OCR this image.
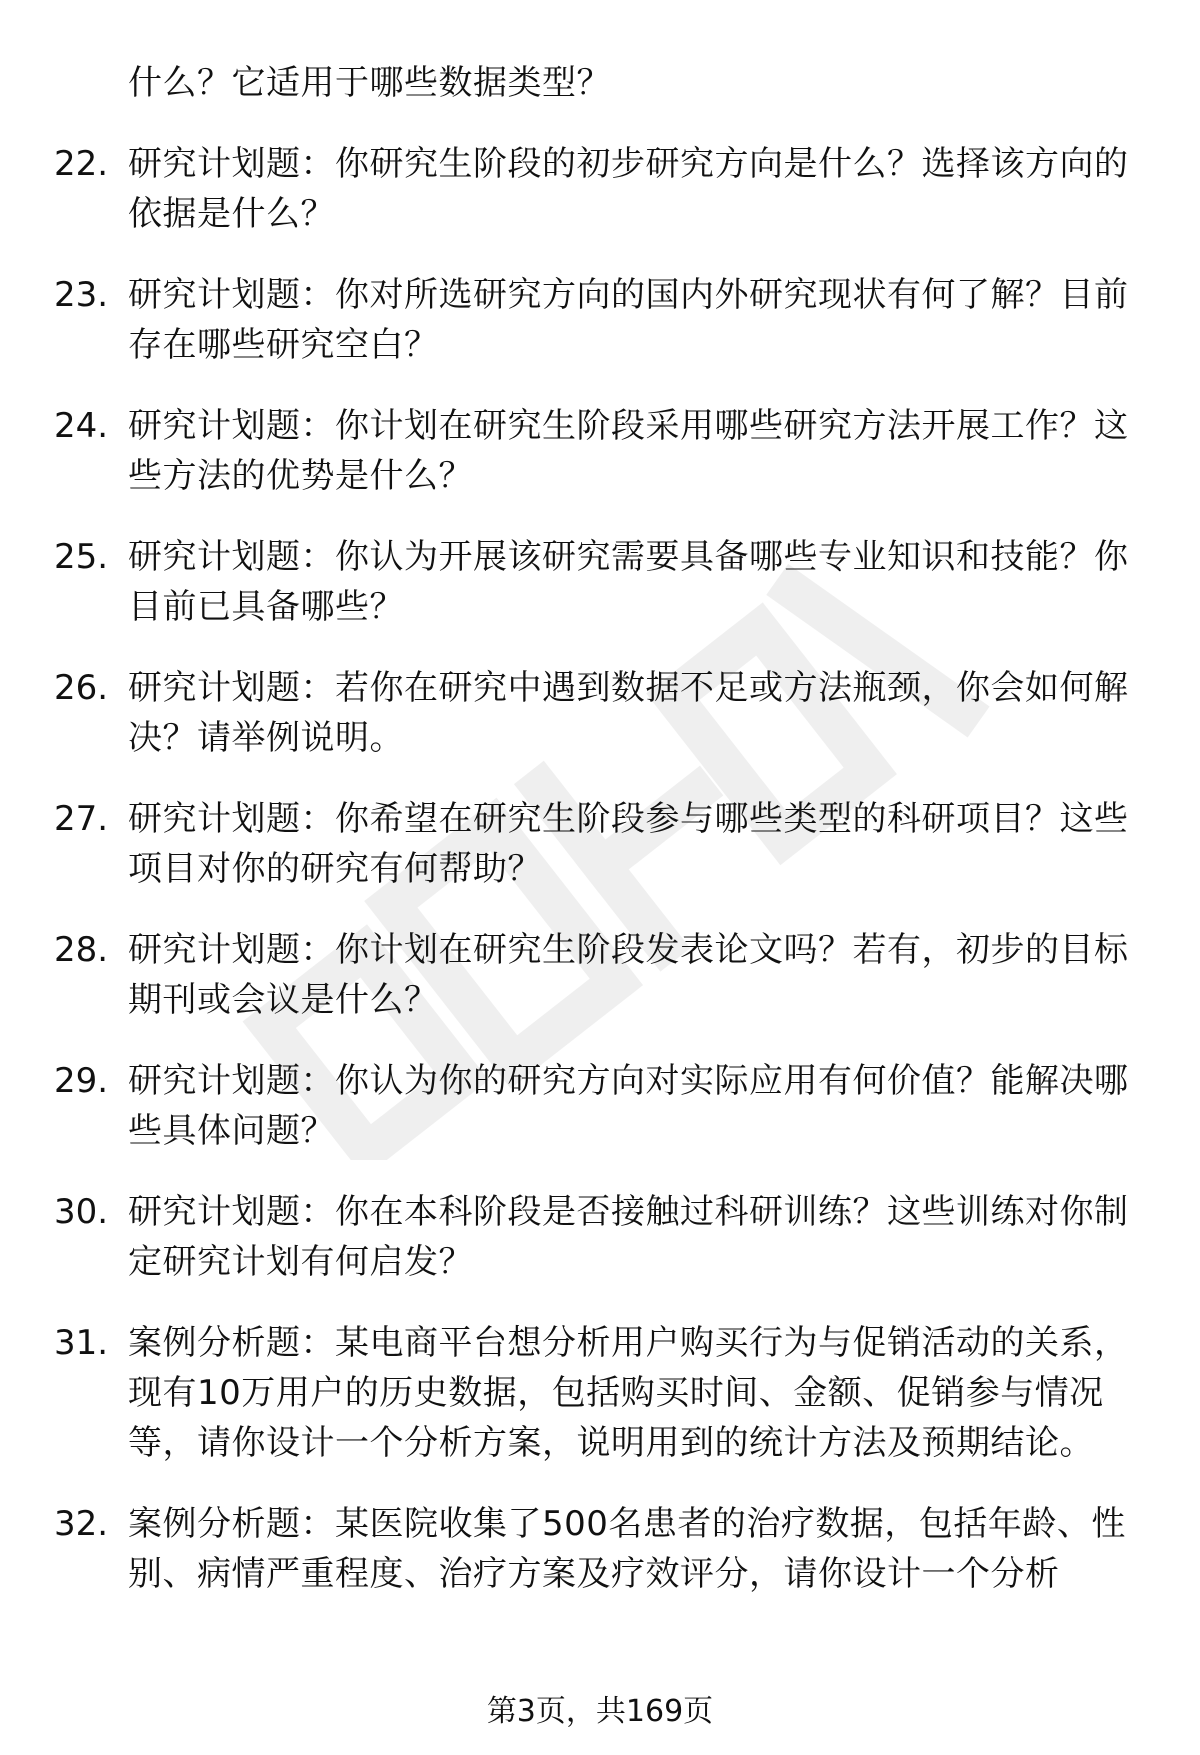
什么？它适用于哪些数据类型？
22. 研究计划题：你研究生阶段的初步研究方向是什么？选择该方向的依据是什么？
23. 研究计划题：你对所选研究方向的国内外研究现状有何了解？目前存在哪些研究空白？
24. 研究计划题：你计划在研究生阶段采用哪些研究方法开展工作？这些方法的优势是什么？
25. 研究计划题：你认为开展该研究需要具备哪些专业知识和技能？你目前已具备哪些？
26. 研究计划题：若你在研究中遇到数据不足或方法瓶颈，你会如何解决？请举例说明。
27. 研究计划题：你希望在研究生阶段参与哪些类型的科研项目？这些项目对你的研究有何帮助？
28. 研究计划题：你计划在研究生阶段发表论文吗？若有，初步的目标期刊或会议是什么？
29. 研究计划题：你认为你的研究方向对实际应用有何价值？能解决哪些具体问题？
30. 研究计划题：你在本科阶段是否接触过科研训练？这些训练对你制定研究计划有何启发？
31. 案例分析题：某电商平台想分析用户购买行为与促销活动的关系，现有10万用户的历史数据，包括购买时间、金额、促销参与情况等，请你设计一个分析方案，说明用到的统计方法及预期结论。
32. 案例分析题：某医院收集了500名患者的治疗数据，包括年龄、性别、病情严重程度、治疗方案及疗效评分，请你设计一个分析
第3页，共169页
